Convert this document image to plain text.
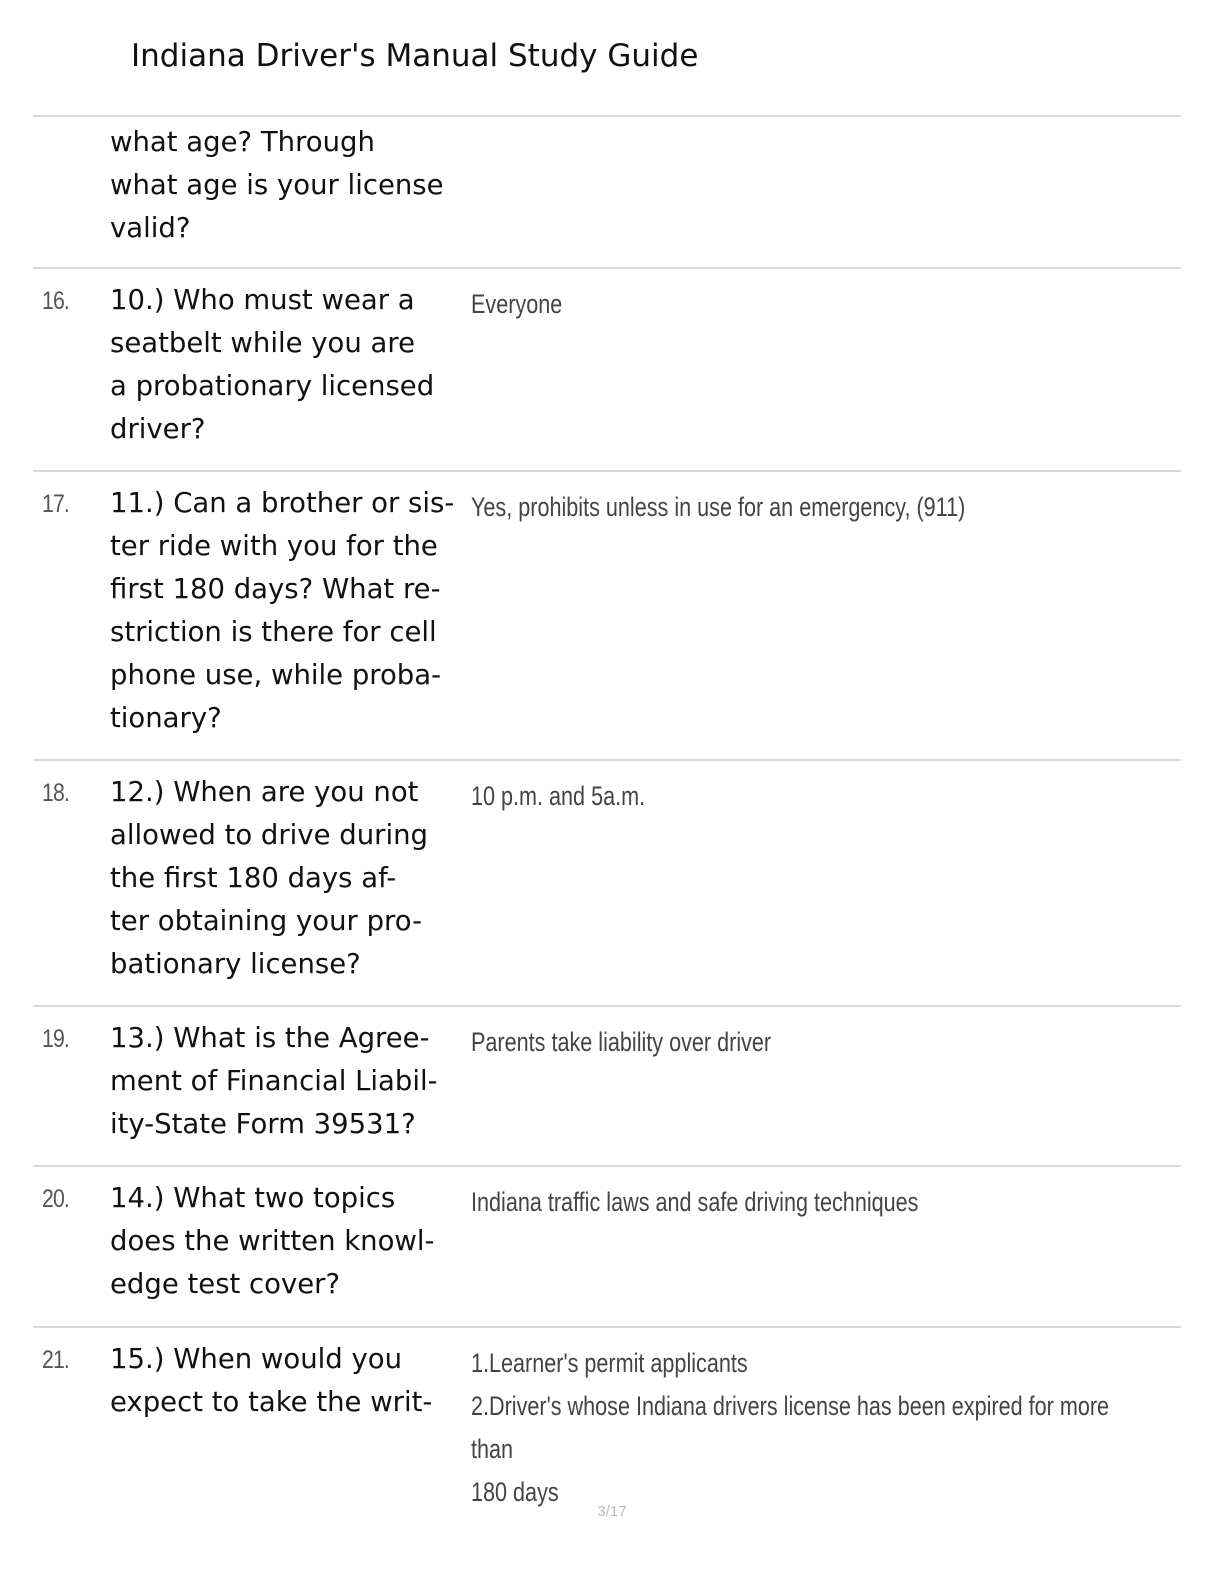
Indiana Driver's Manual Study Guide
what age? Through
what age is your license
valid?
16. 10.) Who must wear a
seatbelt while you are
a probationary licensed
driver?
Everyone
17. 11.) Can a brother or sis-
ter ride with you for the
first 180 days? What re-
striction is there for cell
phone use, while proba-
tionary?
Yes, prohibits unless in use for an emergency, (911)
18. 12.) When are you not
allowed to drive during
the first 180 days af-
ter obtaining your pro-
bationary license?
10 p.m. and 5a.m.
19. 13.) What is the Agree-
ment of Financial Liabil-
ity-State Form 39531?
Parents take liability over driver
20. 14.) What two topics
does the written knowl-
edge test cover?
Indiana traffic laws and safe driving techniques
21. 15.) When would you
expect to take the writ-
1.Learner's permit applicants
2.Driver's whose Indiana drivers license has been expired for more than
180 days
3/17
